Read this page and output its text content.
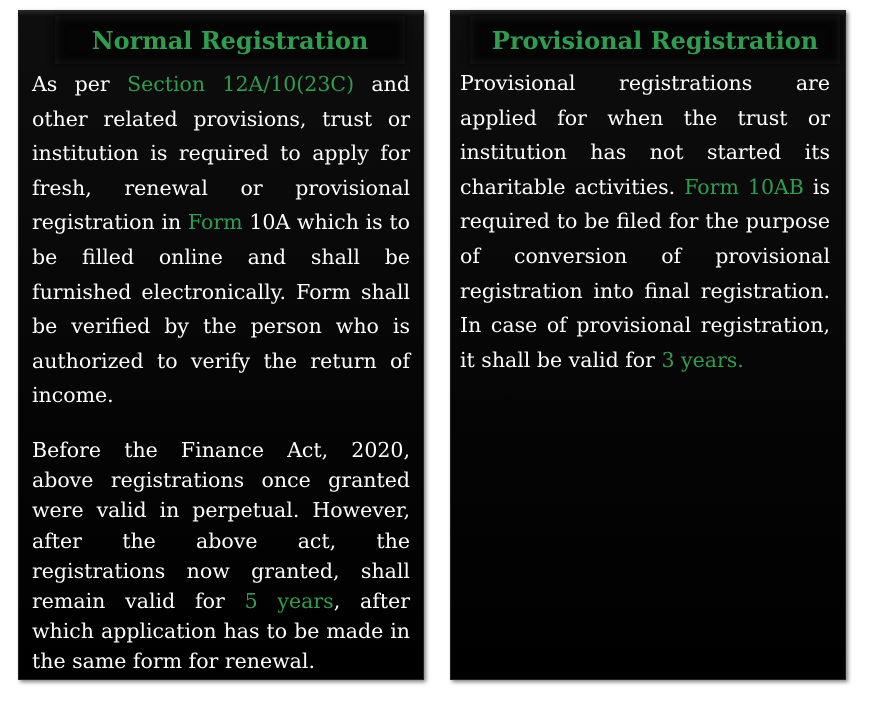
Normal Registration	Provisional Registration

As per Section 12A/10(23C) and other related provisions, trust or institution is required to apply for fresh, renewal or provisional registration in Form 10A which is to be filled online and shall be furnished electronically. Form shall be verified by the person who is authorized to verify the return of income.

Before the Finance Act, 2020, above registrations once granted were valid in perpetual. However, after the above act, the registrations now granted, shall remain valid for 5 years, after which application has to be made in the same form for renewal.

Provisional registrations are applied for when the trust or institution has not started its charitable activities. Form 10AB is required to be filed for the purpose of conversion of provisional registration into final registration. In case of provisional registration, it shall be valid for 3 years.
